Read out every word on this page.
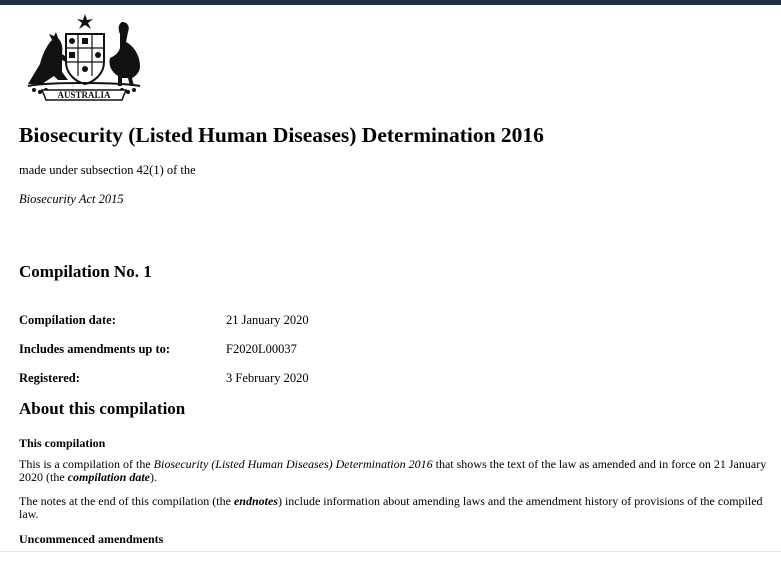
AUSTRALIA
Biosecurity (Listed Human Diseases) Determination 2016
made under subsection 42(1) of the
Biosecurity Act 2015
Compilation No. 1
Compilation date:	21 January 2020
Includes amendments up to:	F2020L00037
Registered:	3 February 2020
About this compilation
This compilation

This is a compilation of the Biosecurity (Listed Human Diseases) Determination 2016 that shows the text of the law as amended and in force on 21 January 2020 (the compilation date).

The notes at the end of this compilation (the endnotes) include information about amending laws and the amendment history of provisions of the compiled law.

Uncommenced amendments
